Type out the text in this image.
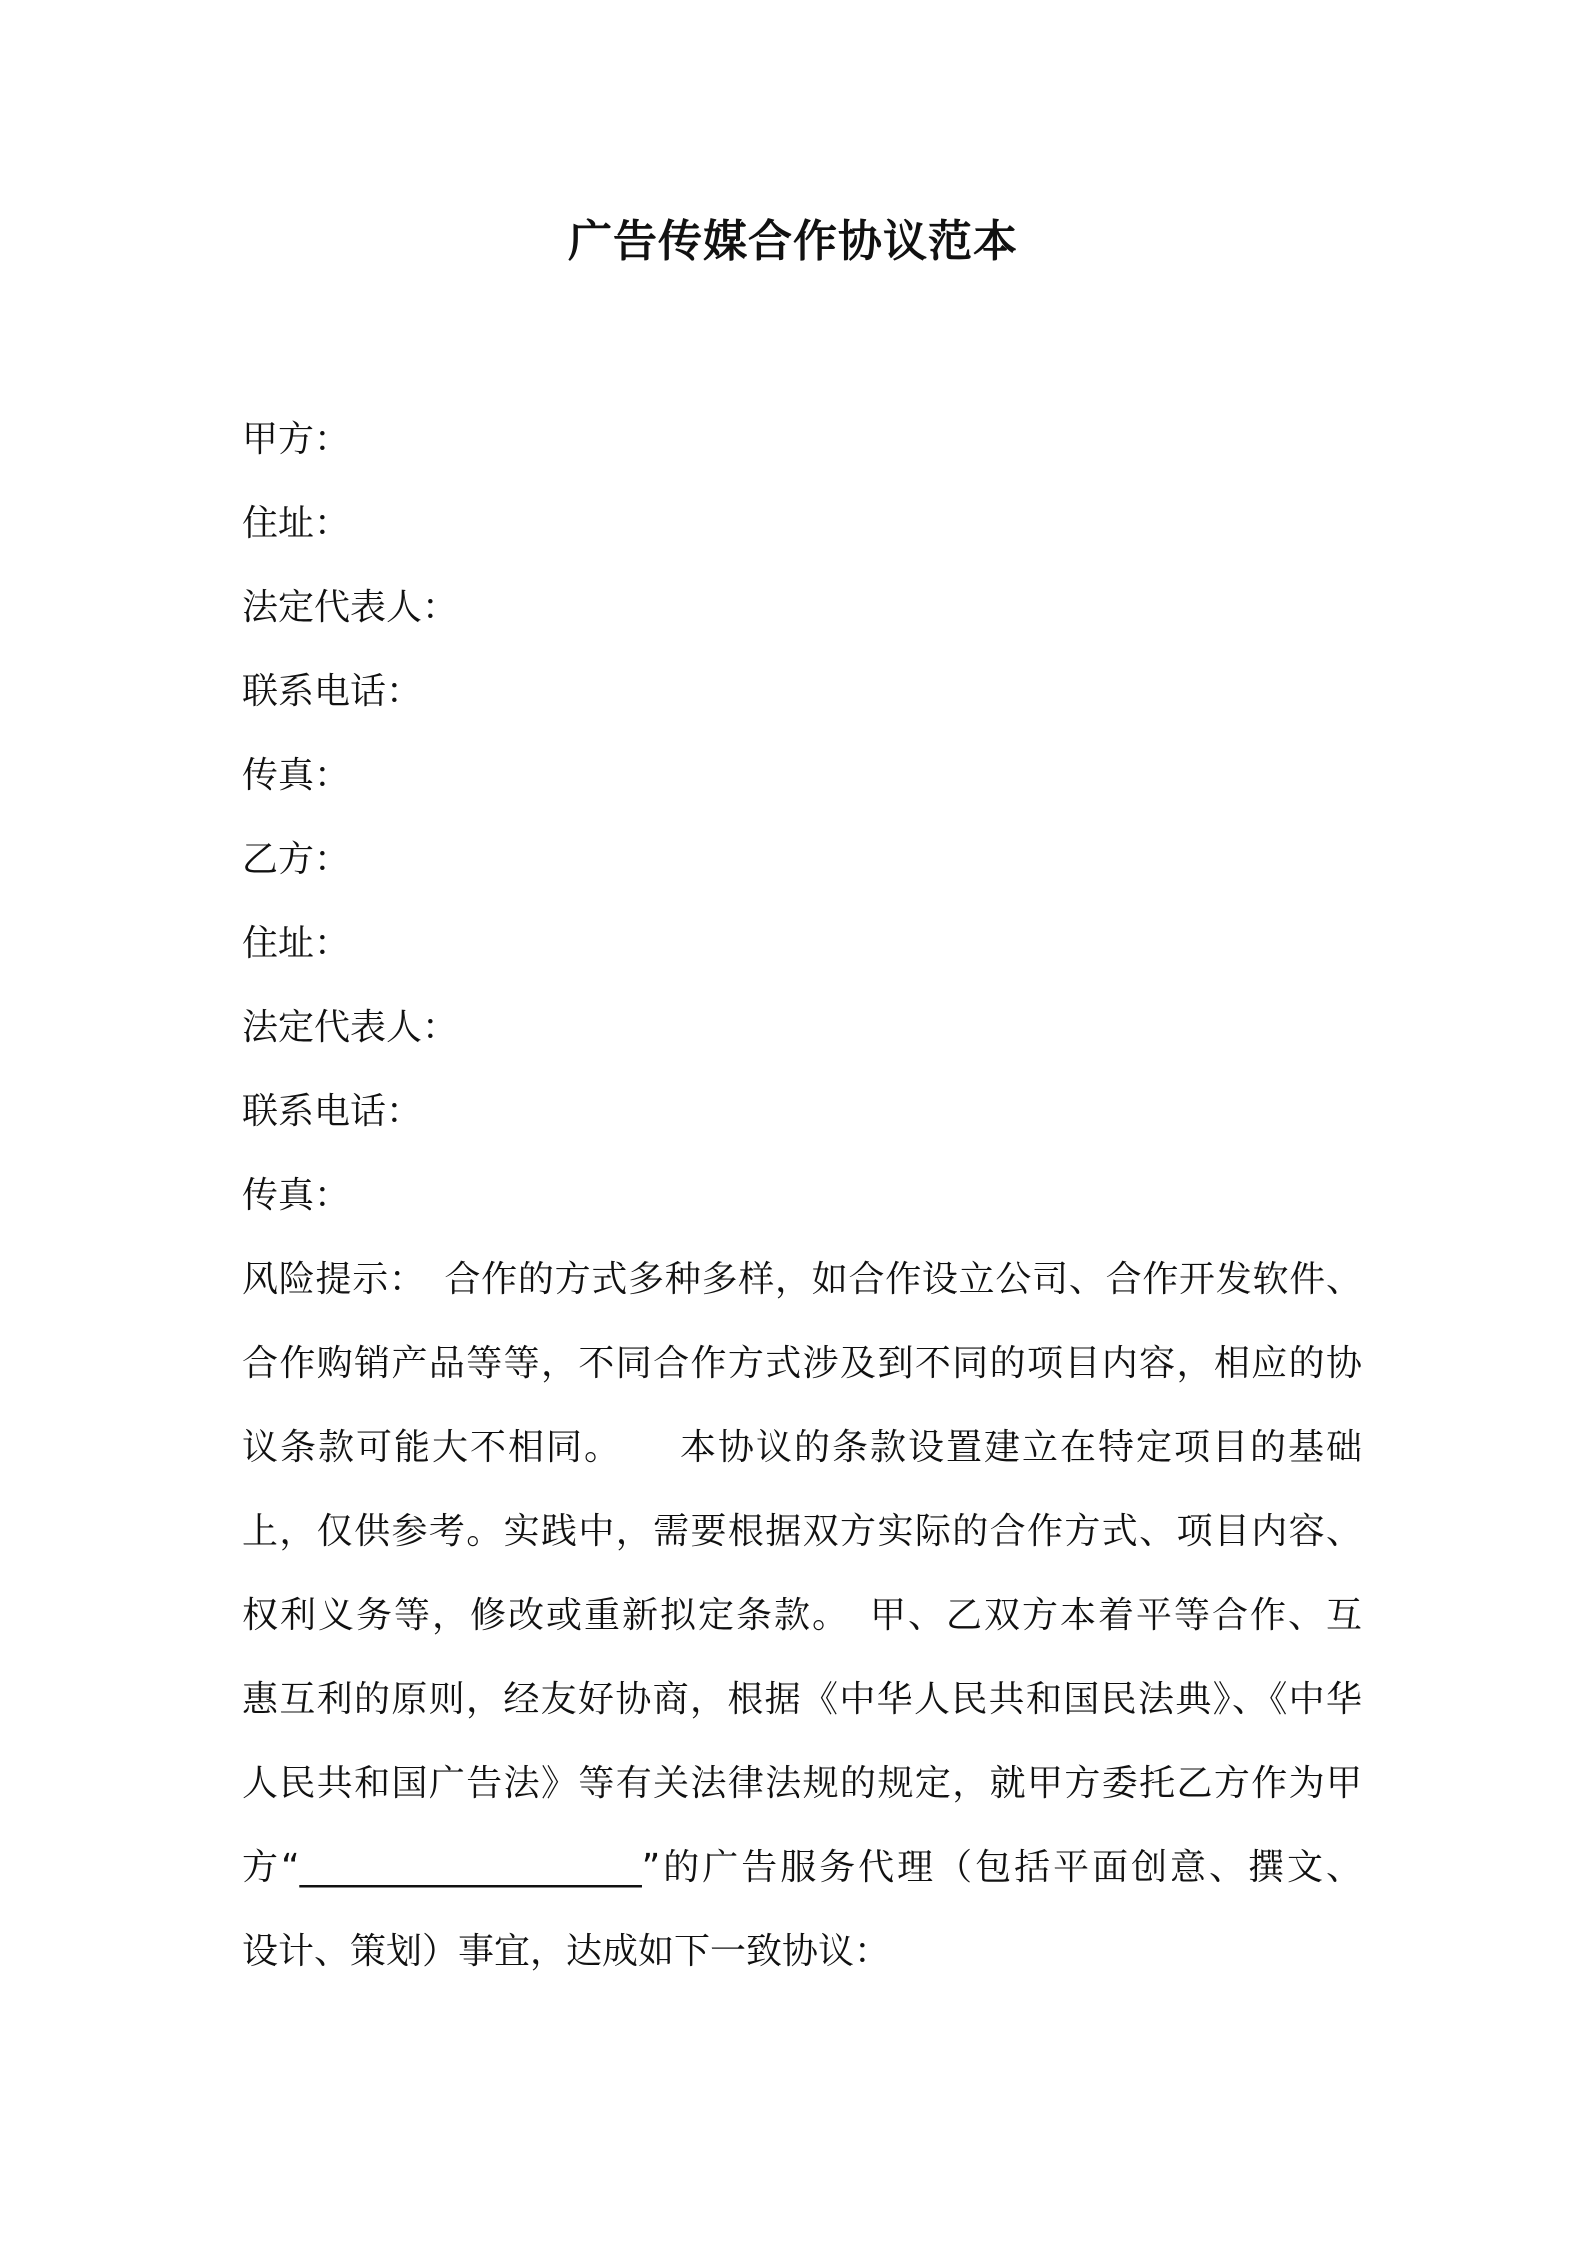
广告传媒合作协议范本
甲方：
住址：
法定代表人：
联系电话：
传真：
乙方：
住址：
法定代表人：
联系电话：
传真：
风险提示：　合作的方式多种多样，如合作设立公司、合作开发软件、
合作购销产品等等，不同合作方式涉及到不同的项目内容，相应的协
议条款可能大不相同。　　本协议的条款设置建立在特定项目的基础
上，仅供参考。实践中，需要根据双方实际的合作方式、项目内容、
权利义务等，修改或重新拟定条款。　甲、乙双方本着平等合作、互
惠互利的原则，经友好协商，根据《中华人民共和国民法典》、《中华
人民共和国广告法》等有关法律法规的规定，就甲方委托乙方作为甲
方“___________________”的广告服务代理（包括平面创意、撰文、
设计、策划）事宜，达成如下一致协议：
